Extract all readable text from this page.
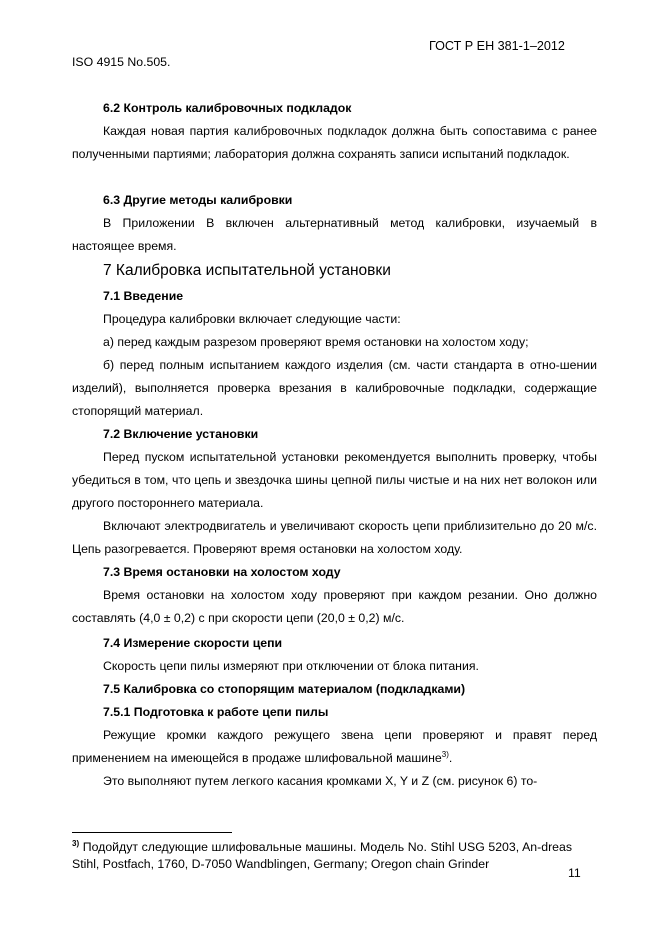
ГОСТ Р ЕН 381-1–2012
ISO 4915 No.505.
6.2 Контроль калибровочных подкладок
Каждая новая партия калибровочных подкладок должна быть сопоставима с ранее полученными партиями; лаборатория должна сохранять записи испытаний подкладок.
6.3 Другие методы калибровки
В Приложении В включен альтернативный метод калибровки, изучаемый в настоящее время.
7 Калибровка испытательной установки
7.1 Введение
Процедура калибровки включает следующие части:
а) перед каждым разрезом проверяют время остановки на холостом ходу;
б) перед полным испытанием каждого изделия (см. части стандарта в отно-шении изделий), выполняется проверка врезания в калибровочные подкладки, содержащие стопорящий материал.
7.2 Включение установки
Перед пуском испытательной установки рекомендуется выполнить проверку, чтобы убедиться в том, что цепь и звездочка шины цепной пилы чистые и на них нет волокон или другого постороннего материала.
Включают электродвигатель и увеличивают скорость цепи приблизительно до 20 м/с. Цепь разогревается. Проверяют время остановки на холостом ходу.
7.3 Время остановки на холостом ходу
Время остановки на холостом ходу проверяют при каждом резании. Оно должно составлять (4,0 ± 0,2) с при скорости цепи (20,0 ± 0,2) м/с.
7.4 Измерение скорости цепи
Скорость цепи пилы измеряют при отключении от блока питания.
7.5 Калибровка со стопорящим материалом (подкладками)
7.5.1 Подготовка к работе цепи пилы
Режущие кромки каждого режущего звена цепи проверяют и правят перед применением на имеющейся в продаже шлифовальной машине$^{3)}$.
Это выполняют путем легкого касания кромками X, Y и Z (см. рисунок 6) то-
$^{3)}$ Подойдут следующие шлифовальные машины. Модель No. Stihl USG 5203, An-dreas Stihl, Postfach, 1760, D-7050 Wandblingen, Germany; Oregon chain Grinder
11
